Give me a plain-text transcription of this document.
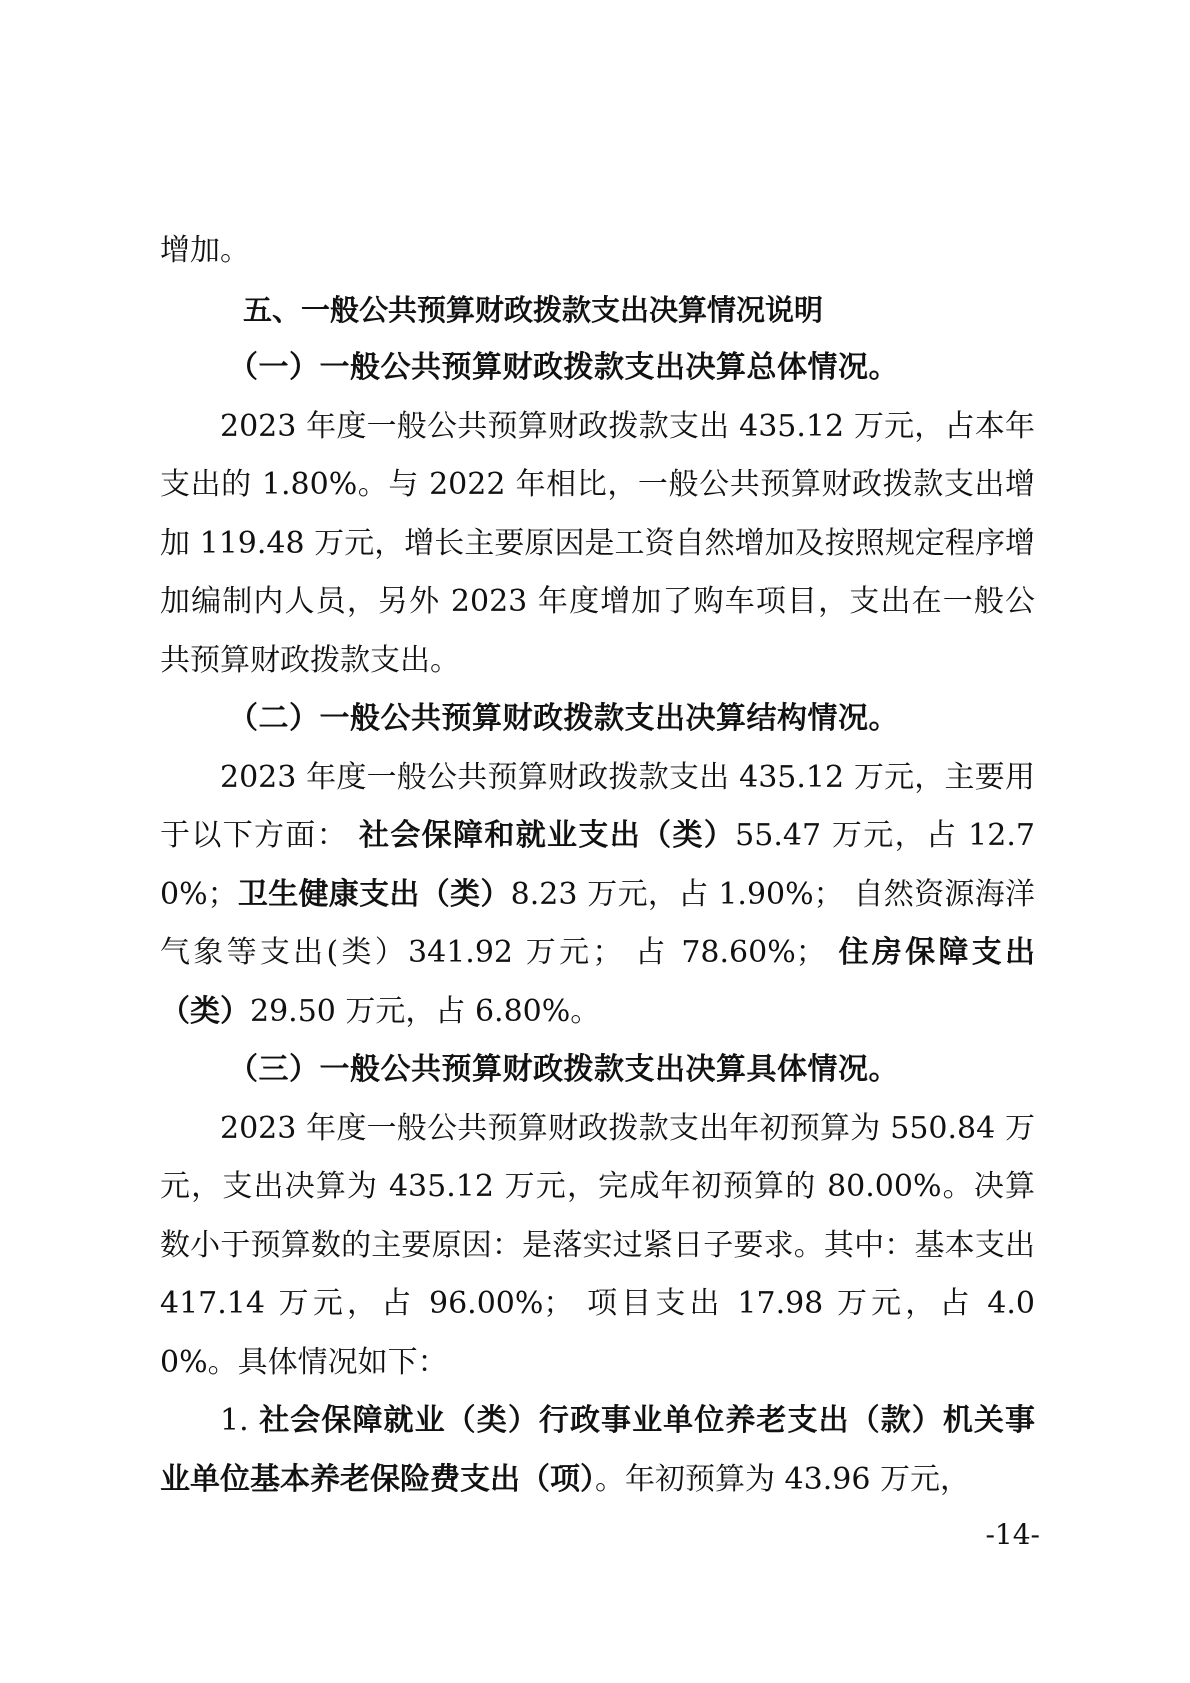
增加。

五、一般公共预算财政拨款支出决算情况说明

（一）一般公共预算财政拨款支出决算总体情况。

2023 年度一般公共预算财政拨款支出 435.12 万元，占本年支出的 1.80%。与 2022 年相比，一般公共预算财政拨款支出增加 119.48 万元，增长主要原因是工资自然增加及按照规定程序增加编制内人员，另外 2023 年度增加了购车项目，支出在一般公共预算财政拨款支出。

（二）一般公共预算财政拨款支出决算结构情况。

2023 年度一般公共预算财政拨款支出 435.12 万元，主要用于以下方面： 社会保障和就业支出（类）55.47 万元，占 12.70%；卫生健康支出（类）8.23 万元，占 1.90%； 自然资源海洋气象等支出(类）341.92 万元； 占 78.60%； 住房保障支出（类）29.50 万元，占 6.80%。

（三）一般公共预算财政拨款支出决算具体情况。

2023 年度一般公共预算财政拨款支出年初预算为 550.84 万元，支出决算为 435.12 万元，完成年初预算的 80.00%。决算数小于预算数的主要原因：是落实过紧日子要求。其中：基本支出 417.14 万元，占 96.00%； 项目支出 17.98 万元，占 4.00%。具体情况如下：

1. 社会保障就业（类）行政事业单位养老支出（款）机关事业单位基本养老保险费支出（项）。年初预算为 43.96 万元，

-14-
